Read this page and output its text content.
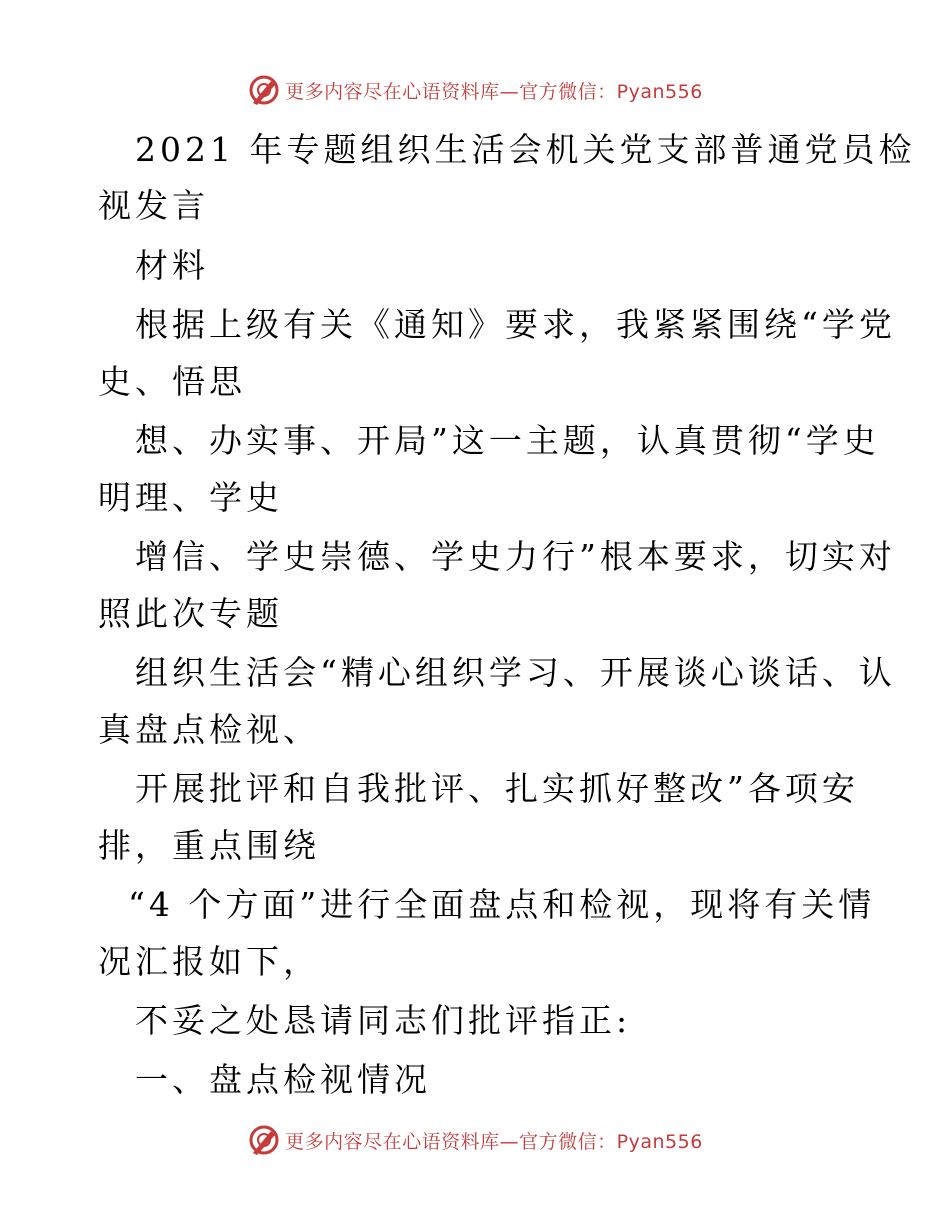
更多内容尽在心语资料库—官方微信：Pyan556
2021 年专题组织生活会机关党支部普通党员检
视发言
材料
根据上级有关《通知》要求，我紧紧围绕“学党
史、悟思
想、办实事、开局”这一主题，认真贯彻“学史
明理、学史
增信、学史崇德、学史力行”根本要求，切实对
照此次专题
组织生活会“精心组织学习、开展谈心谈话、认
真盘点检视、
开展批评和自我批评、扎实抓好整改”各项安
排，重点围绕
“4 个方面”进行全面盘点和检视，现将有关情
况汇报如下，
不妥之处恳请同志们批评指正:
一、盘点检视情况
更多内容尽在心语资料库—官方微信：Pyan556
